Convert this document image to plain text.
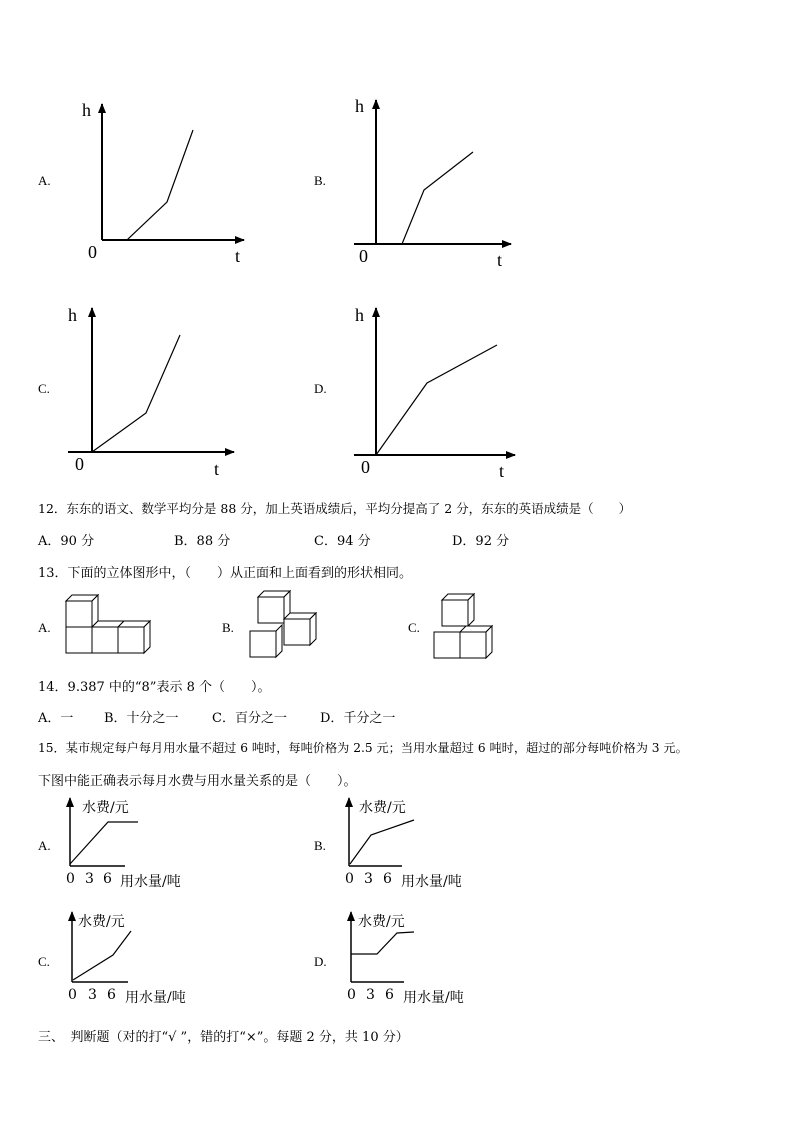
A.
h
t
0
B.
h
t
0
C.
h
t
0
D.
h
t
0
12．东东的语文、数学平均分是 88 分，加上英语成绩后，平均分提高了 2 分，东东的英语成绩是（　　）
A．90 分	B．88 分	C．94 分	D．92 分
13．下面的立体图形中，（　　）从正面和上面看到的形状相同。
A.	B.	C.
14．9.387 中的“8”表示 8 个（　　）。
A．一 B．十分之一	C．百分之一	D．千分之一
15．某市规定每户每月用水量不超过 6 吨时，每吨价格为 2.5 元；当用水量超过 6 吨时，超过的部分每吨价格为 3 元。
下图中能正确表示每月水费与用水量关系的是（　　）。
A.
水费/元
0 3 6 用水量/吨
B.
水费/元
0 3 6 用水量/吨
C.
水费/元
0 3 6 用水量/吨
D.
水费/元
0 3 6 用水量/吨
三、　判断题（对的打“√ ”，错的打“×”。每题 2 分，共 10 分）
